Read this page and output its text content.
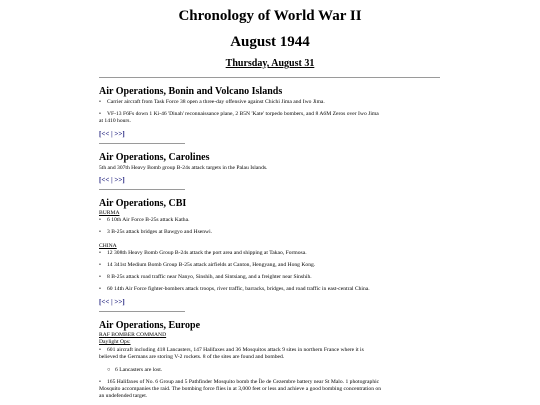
Chronology of World War II
August 1944
Thursday, August 31
Air Operations, Bonin and Volcano Islands
• Carrier aircraft from Task Force 38 open a three-day offensive against Chichi Jima and Iwo Jima.
• VF-13 F6Fs down 1 Ki-46 'Dinah' reconnaissance plane, 2 B5N 'Kate' torpedo bombers, and 8 A6M Zeros over Iwo Jima
at 1410 hours.
[<< | >>]
Air Operations, Carolines
5th and 307th Heavy Bomb group B-24s attack targets in the Palau Islands.
[<< | >>]
Air Operations, CBI
BURMA
• 6 10th Air Force B-25s attack Katha.
• 3 B-25s attack bridges at Bawgyo and Hsenwi.
CHINA
• 12 308th Heavy Bomb Group B-24s attack the port area and shipping at Takao, Formosa.
• 14 341st Medium Bomb Group B-25s attack airfields at Canton, Hengyang, and Hong Kong.
• 8 B-25s attack road traffic near Nanyo, Sinshih, and Sintsiang, and a freighter near Sinshih.
• 60 14th Air Force fighter-bombers attack troops, river traffic, barracks, bridges, and road traffic in east-central China.
[<< | >>]
Air Operations, Europe
RAF BOMBER COMMAND
Daylight Ops:
• 601 aircraft including 418 Lancasters, 147 Halifaxes and 36 Mosquitos attack 9 sites in northern France where it is
believed the Germans are storing V-2 rockets. 8 of the sites are found and bombed.
○ 6 Lancasters are lost.
• 165 Halifaxes of No. 6 Group and 5 Pathfinder Mosquito bomb the Île de Cezembre battery near St Malo. 1 photographic
Mosquito accompanies the raid. The bombing force flies in at 3,000 feet or less and achieve a good bombing concentration on
an undefended target.
